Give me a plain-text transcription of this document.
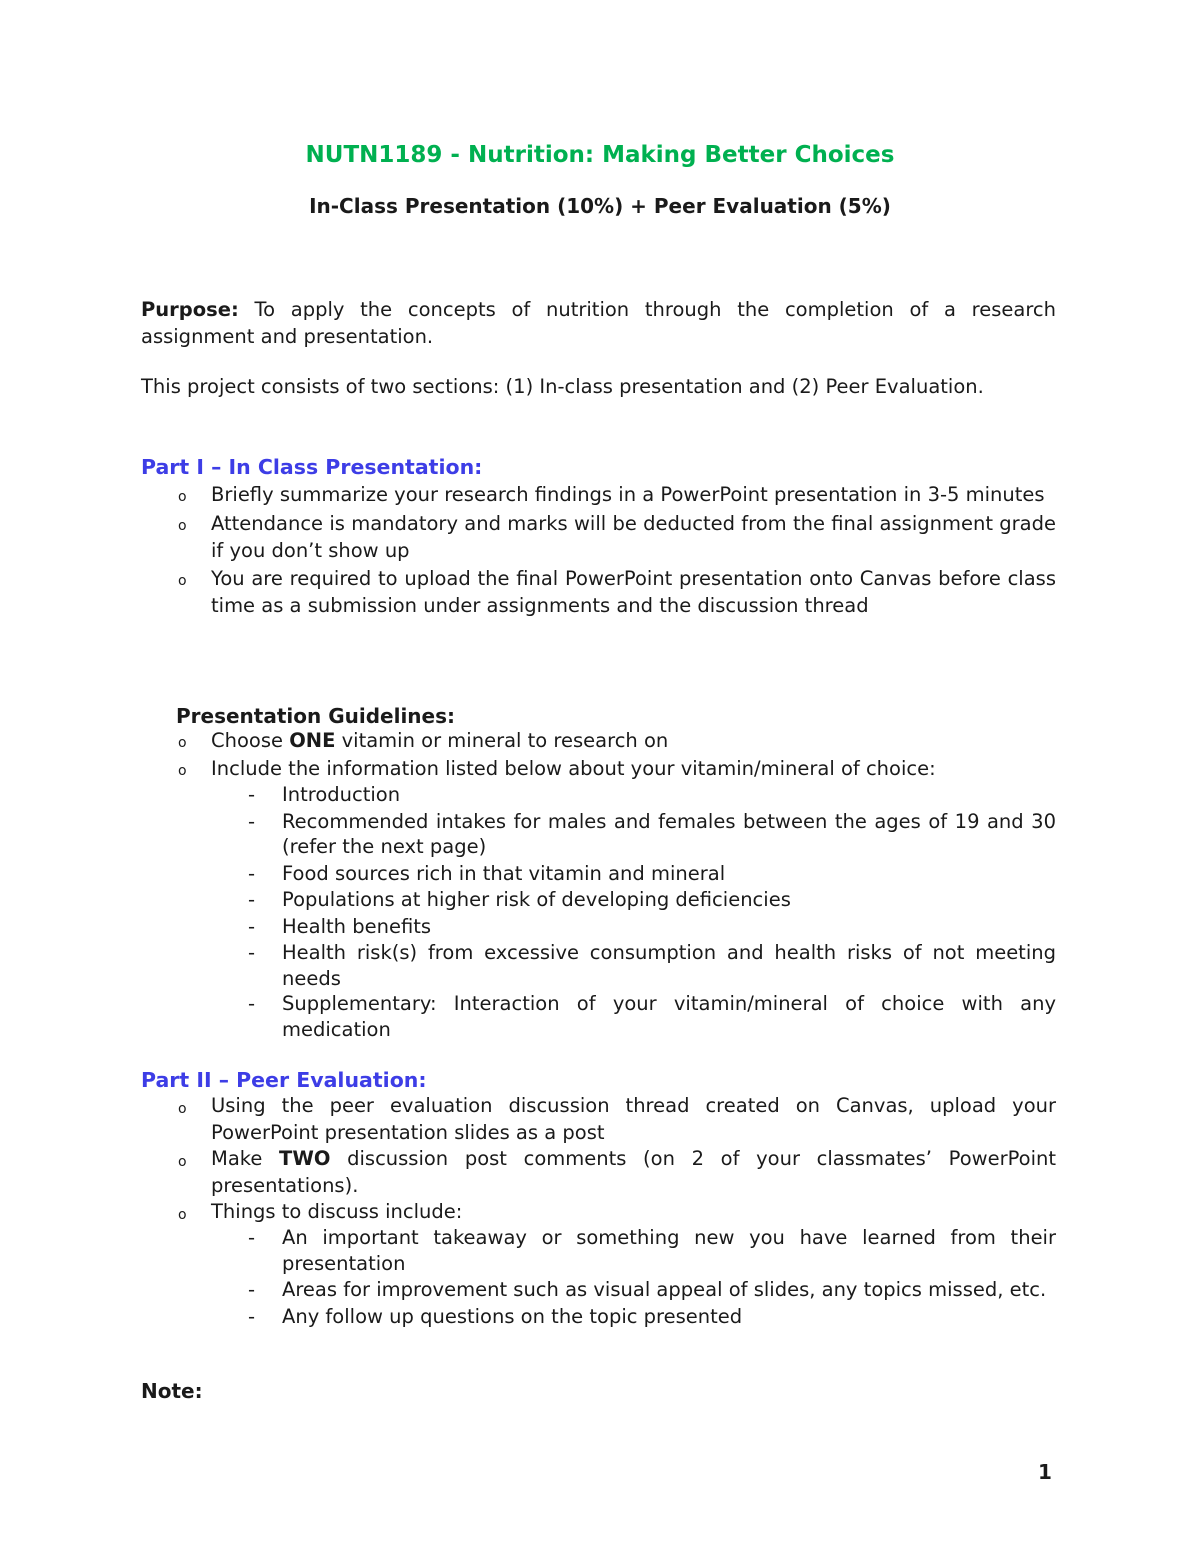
NUTN1189 - Nutrition: Making Better Choices
In-Class Presentation (10%) + Peer Evaluation (5%)
Purpose: To apply the concepts of nutrition through the completion of a research assignment and presentation.
This project consists of two sections: (1) In-class presentation and (2) Peer Evaluation.
Part I – In Class Presentation:
o Briefly summarize your research findings in a PowerPoint presentation in 3-5 minutes
o Attendance is mandatory and marks will be deducted from the final assignment grade if you don’t show up
o You are required to upload the final PowerPoint presentation onto Canvas before class time as a submission under assignments and the discussion thread
Presentation Guidelines:
o Choose ONE vitamin or mineral to research on
o Include the information listed below about your vitamin/mineral of choice:
- Introduction
- Recommended intakes for males and females between the ages of 19 and 30 (refer the next page)
- Food sources rich in that vitamin and mineral
- Populations at higher risk of developing deficiencies
- Health benefits
- Health risk(s) from excessive consumption and health risks of not meeting needs
- Supplementary: Interaction of your vitamin/mineral of choice with any medication
Part II – Peer Evaluation:
o Using the peer evaluation discussion thread created on Canvas, upload your PowerPoint presentation slides as a post
o Make TWO discussion post comments (on 2 of your classmates’ PowerPoint presentations).
o Things to discuss include:
- An important takeaway or something new you have learned from their presentation
- Areas for improvement such as visual appeal of slides, any topics missed, etc.
- Any follow up questions on the topic presented
Note:
1
